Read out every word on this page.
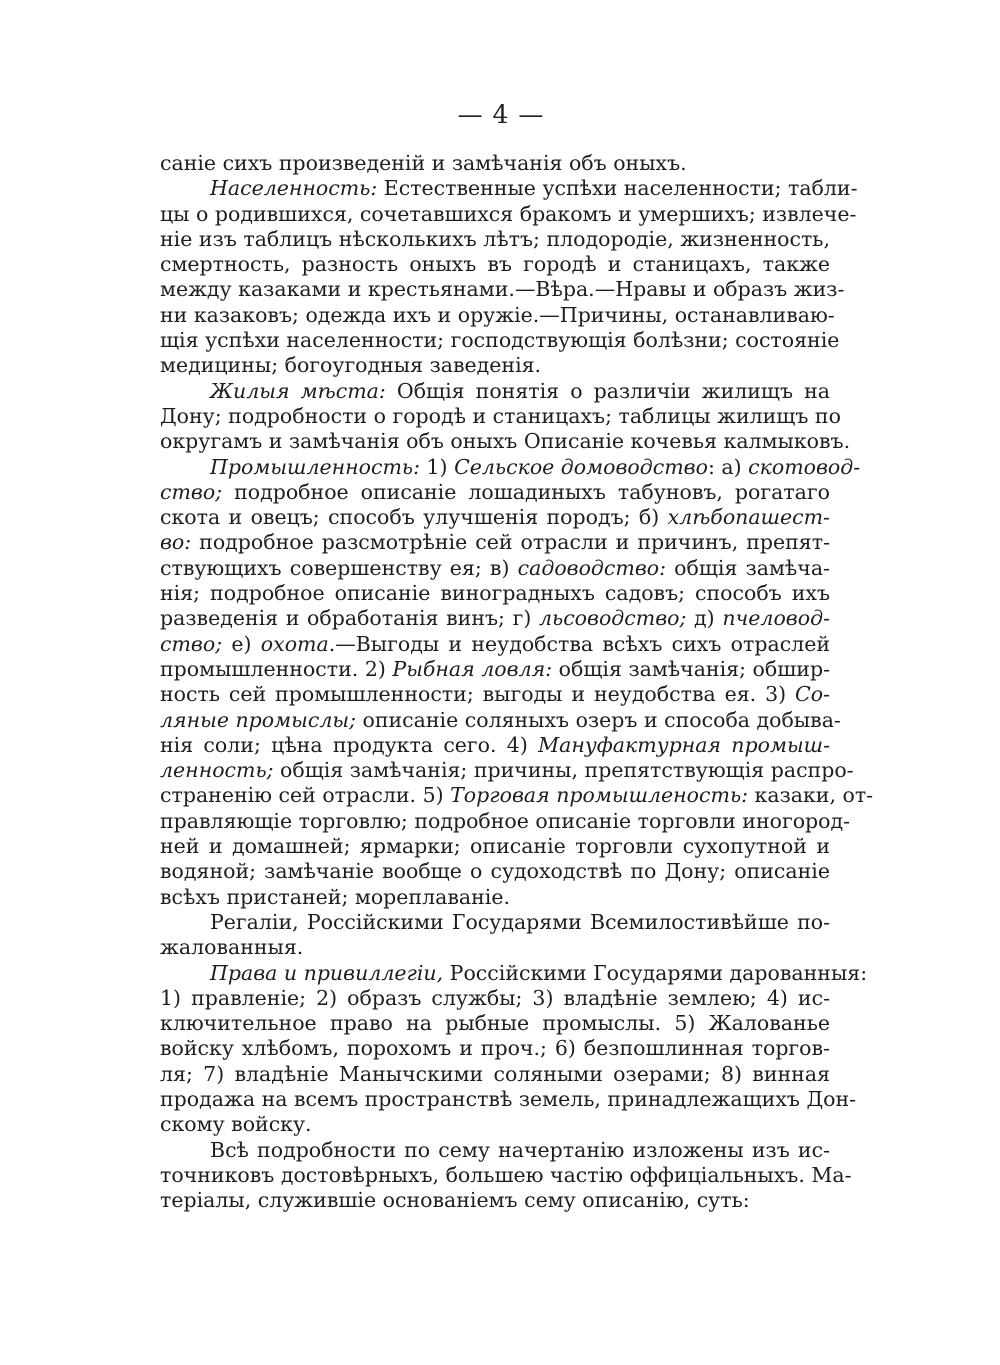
— 4 —
саніе сихъ произведеній и замѣчанія объ оныхъ.
Населенность: Естественные успѣхи населенности; табли-
цы о родившихся, сочетавшихся бракомъ и умершихъ; извлече-
ніе изъ таблицъ нѣсколькихъ лѣтъ; плодородіе, жизненность,
смертность, разность оныхъ въ городѣ и станицахъ, также
между казаками и крестьянами.—Вѣра.—Нравы и образъ жиз-
ни казаковъ; одежда ихъ и оружіе.—Причины, останавливаю-
щія успѣхи населенности; господствующія болѣзни; состояніе
медицины; богоугодныя заведенія.
Жилыя мѣста: Общія понятія о различіи жилищъ на
Дону; подробности о городѣ и станицахъ; таблицы жилищъ по
округамъ и замѣчанія объ оныхъ Описаніе кочевья калмыковъ.
Промышленность: 1) Сельское домоводство: а) скотовод-
ство; подробное описаніе лошадиныхъ табуновъ, рогатаго
скота и овецъ; способъ улучшенія породъ; б) хлѣбопашест-
во: подробное разсмотрѣніе сей отрасли и причинъ, препят-
ствующихъ совершенству ея; в) садоводство: общія замѣча-
нія; подробное описаніе виноградныхъ садовъ; способъ ихъ
разведенія и обработанія винъ; г) льсоводство; д) пчеловод-
ство; е) охота.—Выгоды и неудобства всѣхъ сихъ отраслей
промышленности. 2) Рыбная ловля: общія замѣчанія; обшир-
ность сей промышленности; выгоды и неудобства ея. 3) Со-
ляные промыслы; описаніе соляныхъ озеръ и способа добыва-
нія соли; цѣна продукта сего. 4) Мануфактурная промыш-
ленность; общія замѣчанія; причины, препятствующія распро-
страненію сей отрасли. 5) Торговая промышленость: казаки, от-
правляющіе торговлю; подробное описаніе торговли иногород-
ней и домашней; ярмарки; описаніе торговли сухопутной и
водяной; замѣчаніе вообще о судоходствѣ по Дону; описаніе
всѣхъ пристаней; мореплаваніе.
Регаліи, Россійскими Государями Всемилостивѣйше по-
жалованныя.
Права и привиллегіи, Россійскими Государями дарованныя:
1) правленіе; 2) образъ службы; 3) владѣніе землею; 4) ис-
ключительное право на рыбные промыслы. 5) Жалованье
войску хлѣбомъ, порохомъ и проч.; 6) безпошлинная торгов-
ля; 7) владѣніе Манычскими соляными озерами; 8) винная
продажа на всемъ пространствѣ земель, принадлежащихъ Дон-
скому войску.
Всѣ подробности по сему начертанію изложены изъ ис-
точниковъ достовѣрныхъ, большею частію оффиціальныхъ. Ма-
теріалы, служившіе основаніемъ сему описанію, суть:
